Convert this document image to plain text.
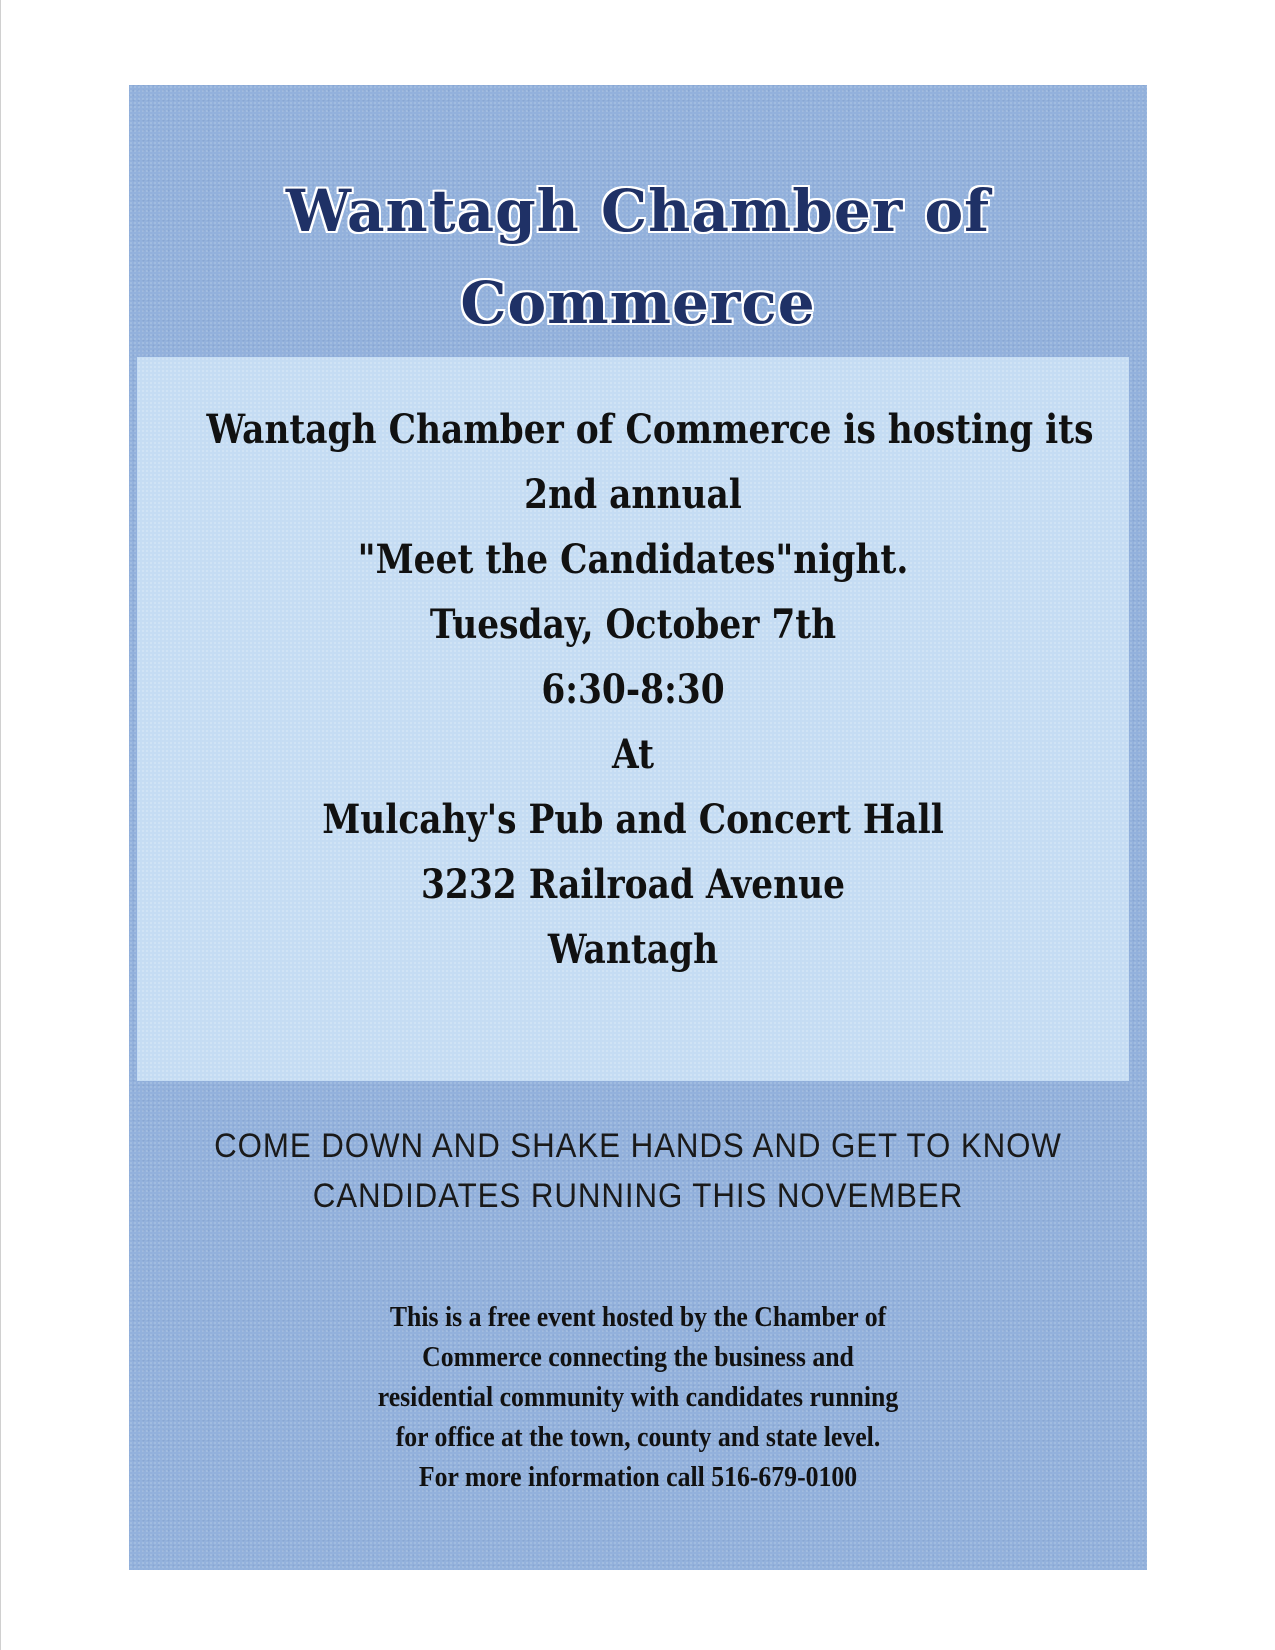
Wantagh Chamber of
Commerce
Wantagh Chamber of Commerce is hosting its
2nd annual
"Meet the Candidates"night.
Tuesday, October 7th
6:30-8:30
At
Mulcahy's Pub and Concert Hall
3232 Railroad Avenue
Wantagh
COME DOWN AND SHAKE HANDS AND GET TO KNOW
CANDIDATES RUNNING THIS NOVEMBER
This is a free event hosted by the Chamber of
Commerce connecting the business and
residential community with candidates running
for office at the town, county and state level.
For more information call 516-679-0100
